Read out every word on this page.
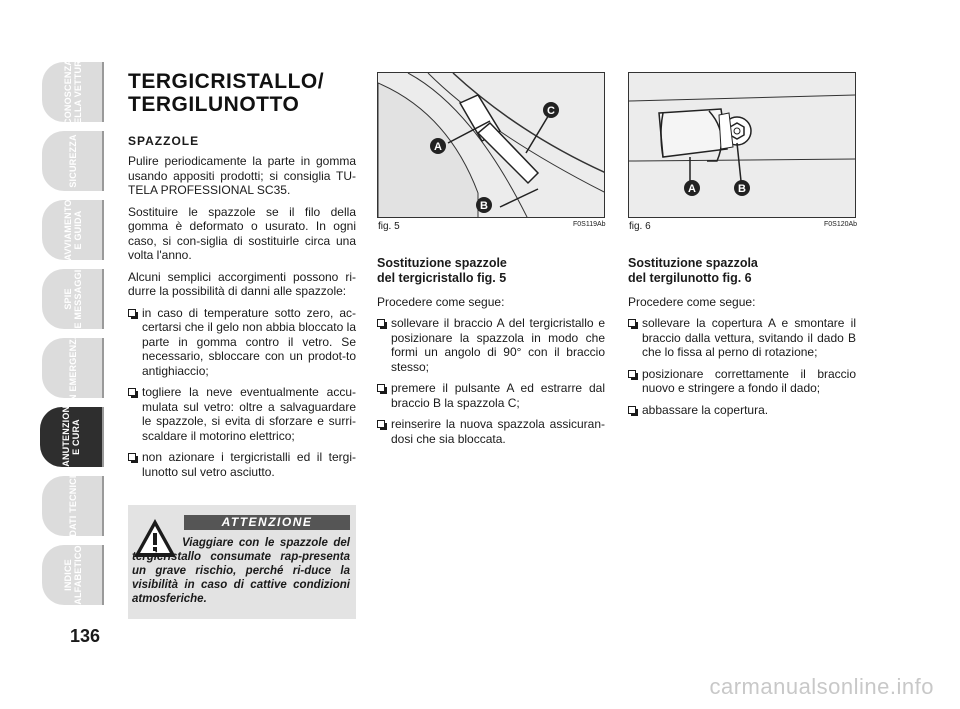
CONOSCENZA
DELLA VETTURA
SICUREZZA
AVVIAMENTO
E GUIDA
SPIE
E MESSAGGI
IN EMERGENZA
MANUTENZIONE
E CURA
DATI TECNICI
INDICE
ALFABETICO
136
TERGICRISTALLO/
TERGILUNOTTO
SPAZZOLE

Pulire periodicamente la parte in gomma usando appositi prodotti; si consiglia TU-TELA PROFESSIONAL SC35.

Sostituire le spazzole se il filo della gomma è deformato o usurato. In ogni caso, si con-siglia di sostituirle circa una volta l'anno.

Alcuni semplici accorgimenti possono ri-durre la possibilità di danni alle spazzole:

in caso di temperature sotto zero, ac-certarsi che il gelo non abbia bloccato la parte in gomma contro il vetro. Se necessario, sbloccare con un prodot-to antighiaccio;
togliere la neve eventualmente accu-mulata sul vetro: oltre a salvaguardare le spazzole, si evita di sforzare e surri-scaldare il motorino elettrico;
non azionare i tergicristalli ed il tergi-lunotto sul vetro asciutto.
ATTENZIONE
Viaggiare con le spazzole del tergicristallo consumate rap-presenta un grave rischio, perché ri-duce la visibilità in caso di cattive condizioni atmosferiche.
A
B
C
fig. 5	F0S119Ab
A	B
fig. 6	F0S120Ab
Sostituzione spazzole
del tergicristallo fig. 5
Procedere come segue:
sollevare il braccio A del tergicristallo e posizionare la spazzola in modo che formi un angolo di 90° con il braccio stesso;
premere il pulsante A ed estrarre dal braccio B la spazzola C;
reinserire la nuova spazzola assicuran-dosi che sia bloccata.
Sostituzione spazzola
del tergilunotto fig. 6
Procedere come segue:
sollevare la copertura A e smontare il braccio dalla vettura, svitando il dado B che lo fissa al perno di rotazione;
posizionare correttamente il braccio nuovo e stringere a fondo il dado;
abbassare la copertura.
carmanualsonline.info
